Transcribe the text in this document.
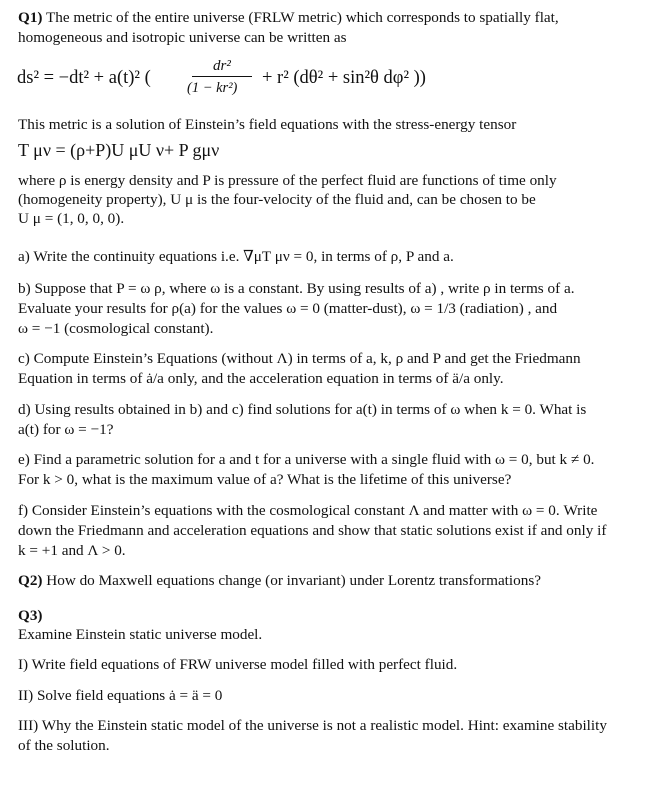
Q1) The metric of the entire universe (FRLW metric) which corresponds to spatially flat,
homogeneous and isotropic universe can be written as
ds² = −dt² + a(t)² (
dr²
(1 − kr²) + r² (dθ² + sin²θ dφ² ))
This metric is a solution of Einstein’s field equations with the stress-energy tensor
T μν = (ρ+P)U μU ν+ P gμν
where ρ is energy density and P is pressure of the perfect fluid are functions of time only
(homogeneity property), U μ is the four-velocity of the fluid and, can be chosen to be
U μ = (1, 0, 0, 0).
a) Write the continuity equations i.e. ∇μT μν = 0, in terms of ρ, P and a.
b) Suppose that P = ω ρ, where ω is a constant. By using results of a) , write ρ in terms of a.
Evaluate your results for ρ(a) for the values ω = 0 (matter-dust), ω = 1/3 (radiation) , and
ω = −1 (cosmological constant).
c) Compute Einstein’s Equations (without Λ) in terms of a, k, ρ and P and get the Friedmann
Equation in terms of ȧ/a only, and the acceleration equation in terms of ä/a only.
d) Using results obtained in b) and c) find solutions for a(t) in terms of ω when k = 0. What is
a(t) for ω = −1?
e) Find a parametric solution for a and t for a universe with a single fluid with ω = 0, but k ≠ 0.
For k > 0, what is the maximum value of a? What is the lifetime of this universe?
f) Consider Einstein’s equations with the cosmological constant Λ and matter with ω = 0. Write
down the Friedmann and acceleration equations and show that static solutions exist if and only if
k = +1 and Λ > 0.
Q2) How do Maxwell equations change (or invariant) under Lorentz transformations?
Q3)
Examine Einstein static universe model.
I) Write field equations of FRW universe model filled with perfect fluid.
II) Solve field equations ȧ = ä = 0
III) Why the Einstein static model of the universe is not a realistic model. Hint: examine stability
of the solution.
